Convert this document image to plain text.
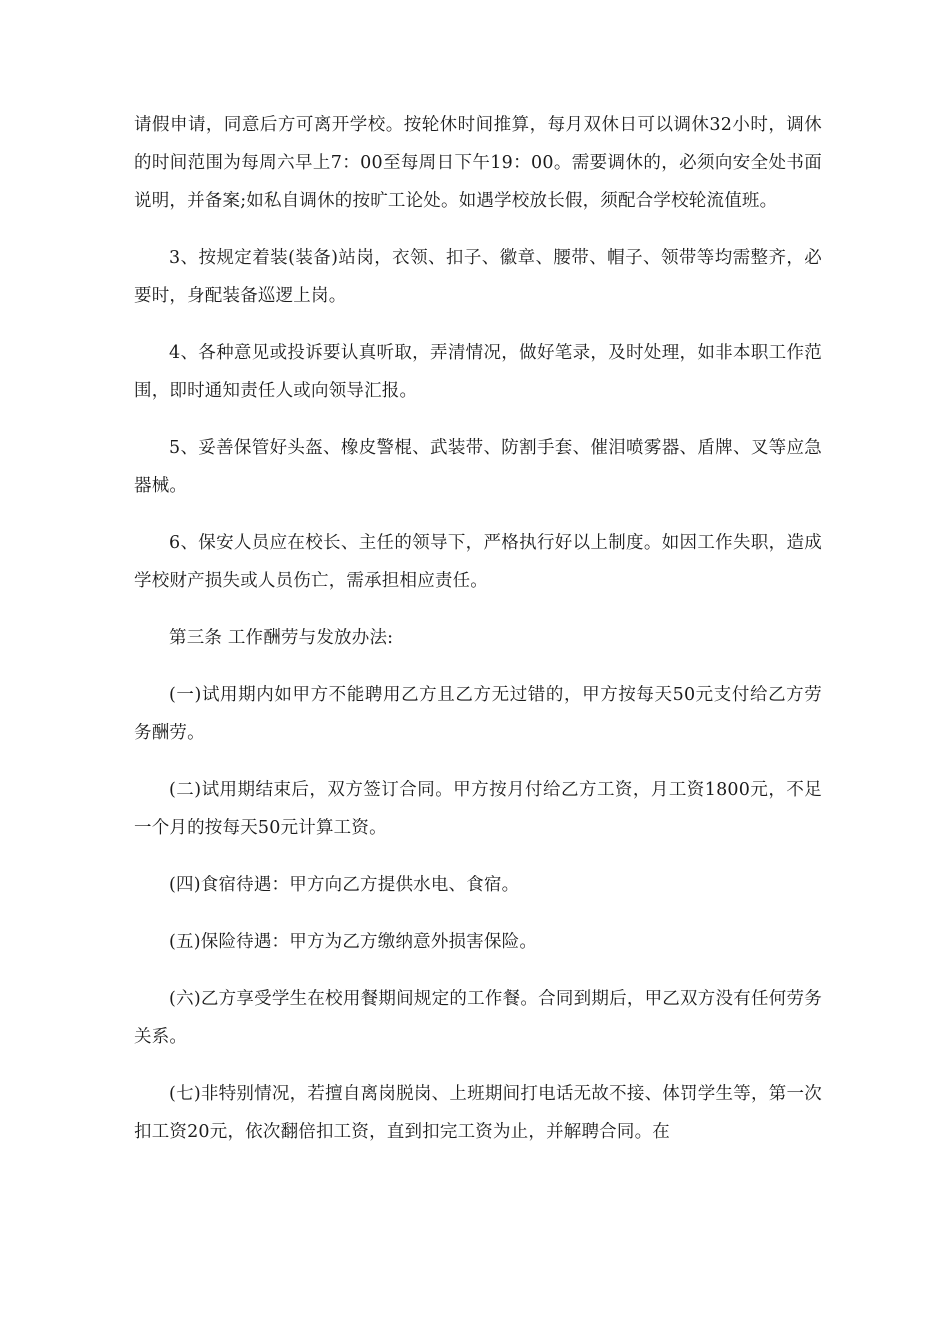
请假申请，同意后方可离开学校。按轮休时间推算，每月双休日可以调休32小时，调休的时间范围为每周六早上7：00至每周日下午19：00。需要调休的，必须向安全处书面说明，并备案;如私自调休的按旷工论处。如遇学校放长假，须配合学校轮流值班。

3、按规定着装(装备)站岗，衣领、扣子、徽章、腰带、帽子、领带等均需整齐，必要时，身配装备巡逻上岗。

4、各种意见或投诉要认真听取，弄清情况，做好笔录，及时处理，如非本职工作范围，即时通知责任人或向领导汇报。

5、妥善保管好头盔、橡皮警棍、武装带、防割手套、催泪喷雾器、盾牌、叉等应急器械。

6、保安人员应在校长、主任的领导下，严格执行好以上制度。如因工作失职，造成学校财产损失或人员伤亡，需承担相应责任。

第三条 工作酬劳与发放办法:

(一)试用期内如甲方不能聘用乙方且乙方无过错的，甲方按每天50元支付给乙方劳务酬劳。

(二)试用期结束后，双方签订合同。甲方按月付给乙方工资，月工资1800元，不足一个月的按每天50元计算工资。

(四)食宿待遇：甲方向乙方提供水电、食宿。

(五)保险待遇：甲方为乙方缴纳意外损害保险。

(六)乙方享受学生在校用餐期间规定的工作餐。合同到期后，甲乙双方没有任何劳务关系。

(七)非特别情况，若擅自离岗脱岗、上班期间打电话无故不接、体罚学生等，第一次扣工资20元，依次翻倍扣工资，直到扣完工资为止，并解聘合同。在
